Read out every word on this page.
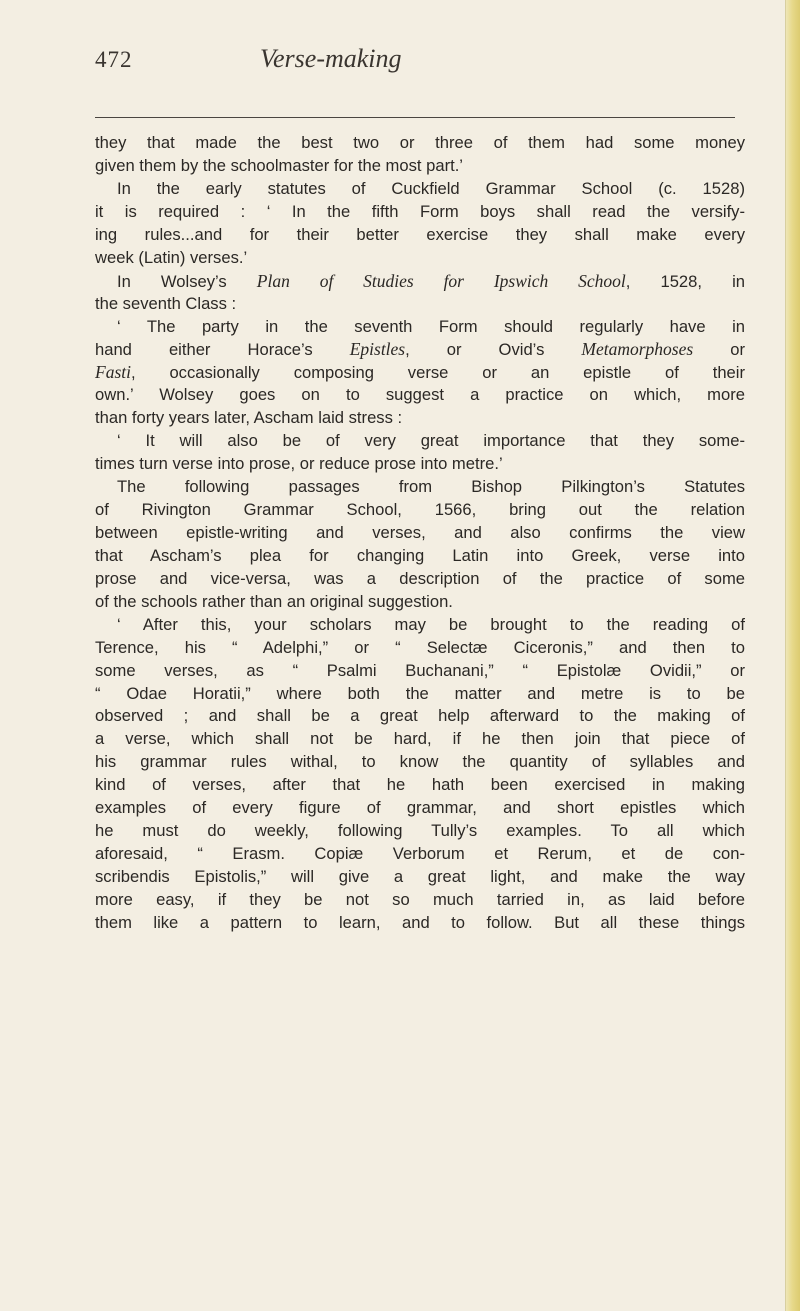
472	Verse-making
they that made the best two or three of them had some money
given them by the schoolmaster for the most part.’
In the early statutes of Cuckfield Grammar School (c. 1528)
it is required : ‘ In the fifth Form boys shall read the versify-
ing rules...and for their better exercise they shall make every
week (Latin) verses.’
In Wolsey’s Plan of Studies for Ipswich School, 1528, in
the seventh Class :
‘ The party in the seventh Form should regularly have in
hand either Horace’s Epistles, or Ovid’s Metamorphoses or
Fasti, occasionally composing verse or an epistle of their
own.’ Wolsey goes on to suggest a practice on which, more
than forty years later, Ascham laid stress :
‘ It will also be of very great importance that they some-
times turn verse into prose, or reduce prose into metre.’
The following passages from Bishop Pilkington’s Statutes
of Rivington Grammar School, 1566, bring out the relation
between epistle-writing and verses, and also confirms the view
that Ascham’s plea for changing Latin into Greek, verse into
prose and vice-versa, was a description of the practice of some
of the schools rather than an original suggestion.
‘ After this, your scholars may be brought to the reading of
Terence, his “ Adelphi,” or “ Selectæ Ciceronis,” and then to
some verses, as “ Psalmi Buchanani,” “ Epistolæ Ovidii,” or
“ Odae Horatii,” where both the matter and metre is to be
observed ; and shall be a great help afterward to the making of
a verse, which shall not be hard, if he then join that piece of
his grammar rules withal, to know the quantity of syllables and
kind of verses, after that he hath been exercised in making
examples of every figure of grammar, and short epistles which
he must do weekly, following Tully’s examples. To all which
aforesaid, “ Erasm. Copiæ Verborum et Rerum, et de con-
scribendis Epistolis,” will give a great light, and make the way
more easy, if they be not so much tarried in, as laid before
them like a pattern to learn, and to follow. But all these things
